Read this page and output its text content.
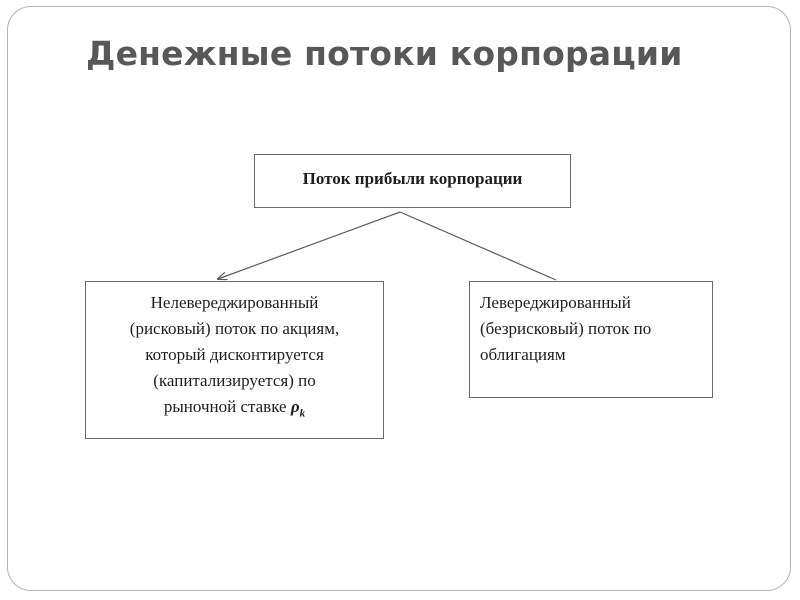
Денежные потоки корпорации
Поток прибыли корпорации
Нелевереджированный
(рисковый) поток по акциям,
который дисконтируется
(капитализируется) по
рыночной ставке $\rho_k$
Левереджированный
(безрисковый) поток по
облигациям
